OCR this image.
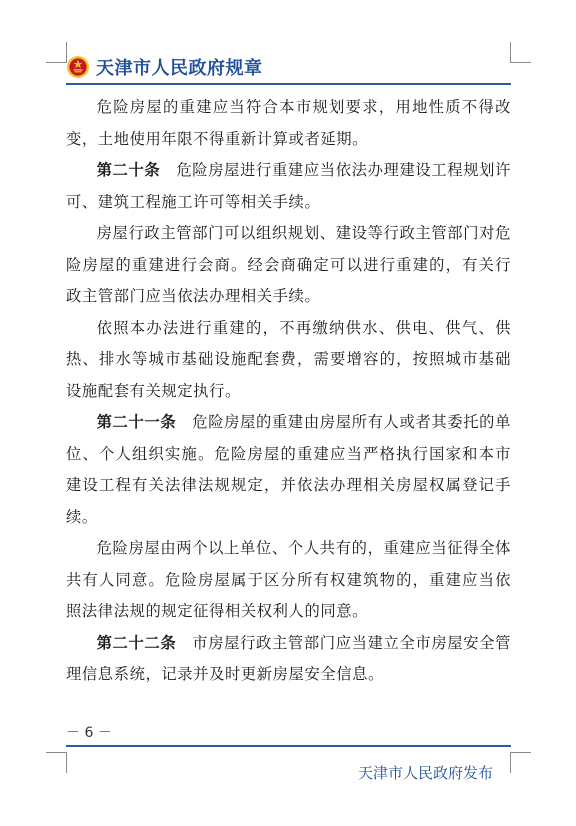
天津市人民政府规章

危险房屋的重建应当符合本市规划要求，用地性质不得改变，土地使用年限不得重新计算或者延期。

第二十条　 危险房屋进行重建应当依法办理建设工程规划许可、建筑工程施工许可等相关手续。

房屋行政主管部门可以组织规划、建设等行政主管部门对危险房屋的重建进行会商。经会商确定可以进行重建的，有关行政主管部门应当依法办理相关手续。

依照本办法进行重建的，不再缴纳供水、供电、供气、供热、排水等城市基础设施配套费，需要增容的，按照城市基础设施配套有关规定执行。

第二十一条　 危险房屋的重建由房屋所有人或者其委托的单位、个人组织实施。危险房屋的重建应当严格执行国家和本市建设工程有关法律法规规定，并依法办理相关房屋权属登记手续。

危险房屋由两个以上单位、个人共有的，重建应当征得全体共有人同意。危险房屋属于区分所有权建筑物的，重建应当依照法律法规的规定征得相关权利人的同意。

第二十二条　 市房屋行政主管部门应当建立全市房屋安全管理信息系统，记录并及时更新房屋安全信息。

－ 6 －
天津市人民政府发布
